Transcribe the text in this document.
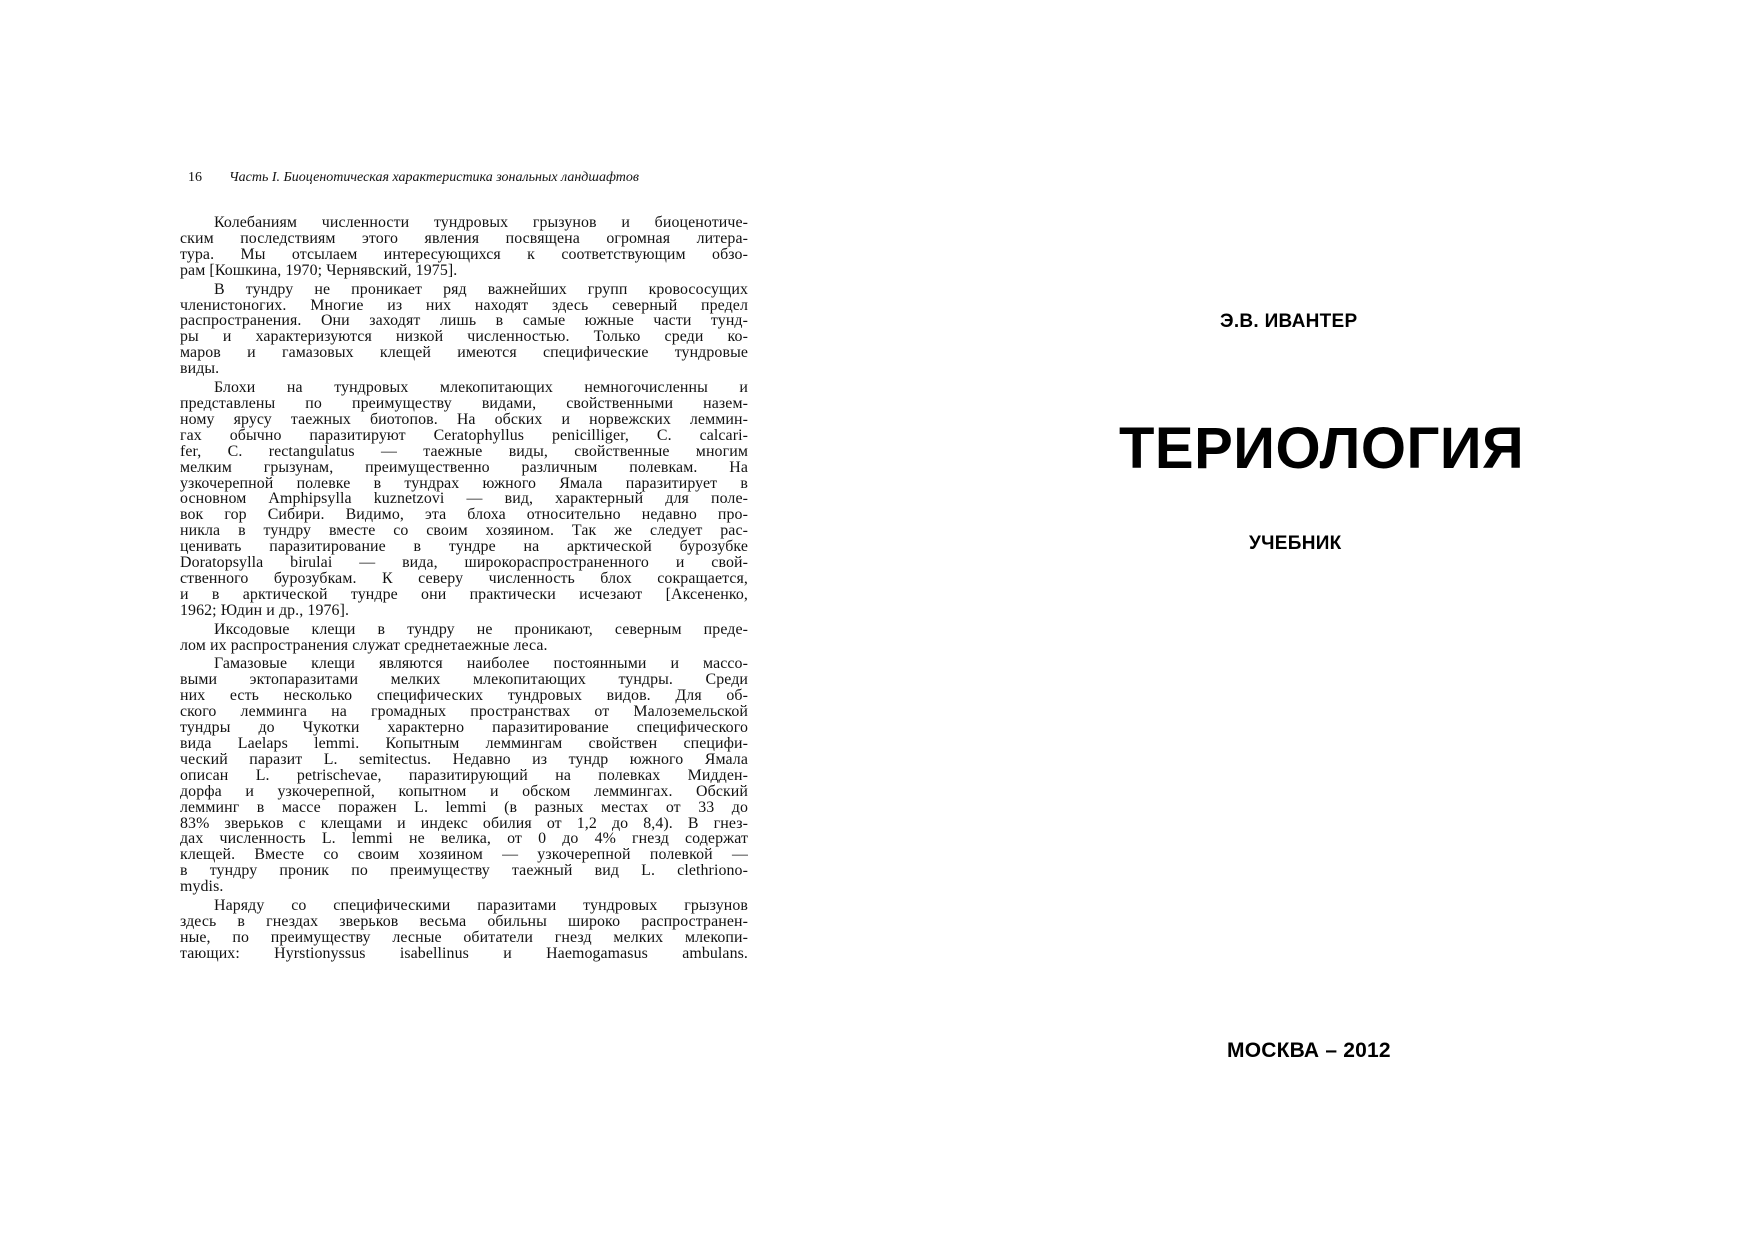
16 Часть I. Биоценотическая характеристика зональных ландшафтов

Колебаниям численности тундровых грызунов и биоценотиче-
ским последствиям этого явления посвящена огромная литера-
тура. Мы отсылаем интересующихся к соответствующим обзо-
рам [Кошкина, 1970; Чернявский, 1975].

В тундру не проникает ряд важнейших групп кровососущих
членистоногих. Многие из них находят здесь северный предел
распространения. Они заходят лишь в самые южные части тунд-
ры и характеризуются низкой численностью. Только среди ко-
маров и гамазовых клещей имеются специфические тундровые
виды.

Блохи на тундровых млекопитающих немногочисленны и
представлены по преимуществу видами, свойственными назем-
ному ярусу таежных биотопов. На обских и норвежских леммин-
гах обычно паразитируют Ceratophyllus penicilliger, C. calcari-
fer, C. rectangulatus — таежные виды, свойственные многим
мелким грызунам, преимущественно различным полевкам. На
узкочерепной полевке в тундрах южного Ямала паразитирует в
основном Amphipsylla kuznetzovi — вид, характерный для поле-
вок гор Сибири. Видимо, эта блоха относительно недавно про-
никла в тундру вместе со своим хозяином. Так же следует рас-
ценивать паразитирование в тундре на арктической бурозубке
Doratopsylla birulai — вида, широкораспространенного и свой-
ственного бурозубкам. К северу численность блох сокращается,
и в арктической тундре они практически исчезают [Аксененко,
1962; Юдин и др., 1976].

Иксодовые клещи в тундру не проникают, северным преде-
лом их распространения служат среднетаежные леса.

Гамазовые клещи являются наиболее постоянными и массо-
выми эктопаразитами мелких млекопитающих тундры. Среди
них есть несколько специфических тундровых видов. Для об-
ского лемминга на громадных пространствах от Малоземельской
тундры до Чукотки характерно паразитирование специфического
вида Laelaps lemmi. Копытным леммингам свойствен специфи-
ческий паразит L. semitectus. Недавно из тундр южного Ямала
описан L. petrischevae, паразитирующий на полевках Мидден-
дорфа и узкочерепной, копытном и обском леммингах. Обский
лемминг в массе поражен L. lemmi (в разных местах от 33 до
83% зверьков с клещами и индекс обилия от 1,2 до 8,4). В гнез-
дах численность L. lemmi не велика, от 0 до 4% гнезд содержат
клещей. Вместе со своим хозяином — узкочерепной полевкой —
в тундру проник по преимуществу таежный вид L. clethriono-
mydis.

Наряду со специфическими паразитами тундровых грызунов
здесь в гнездах зверьков весьма обильны широко распространен-
ные, по преимуществу лесные обитатели гнезд мелких млекопи-
тающих: Hyrstionyssus isabellinus и Haemogamasus ambulans.

Э.В. ИВАНТЕР
ТЕРИОЛОГИЯ
УЧЕБНИК
МОСКВА – 2012
